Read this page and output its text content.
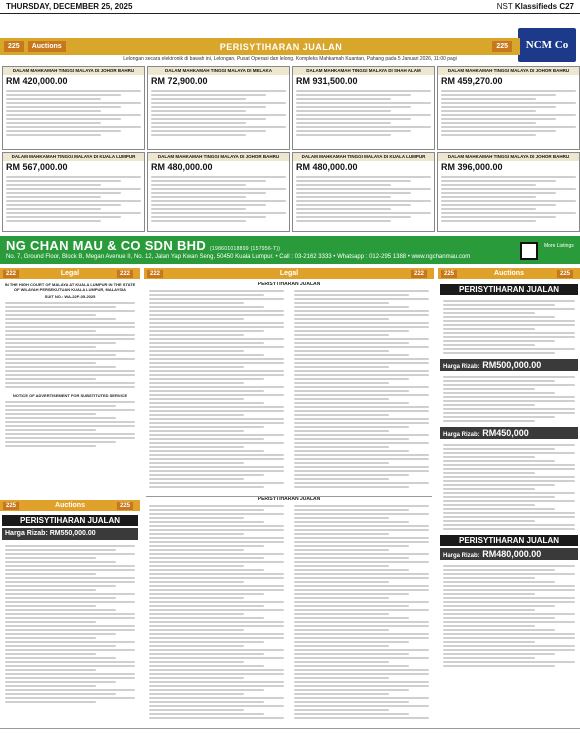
THURSDAY, DECEMBER 25, 2025	NST Klassifieds C27
NCM Co
225	Auctions	PERISYTIHARAN JUALAN	225
Lelongan secara elektronik di bawah ini, Lelongan, Pusat Operasi dan lelong. Kompleks Mahkamah Kuantan, Pahang pada 5 Januari 2026, 11:00 pagi
DALAM MAHKAMAH TINGGI MALAYA DI JOHOR BAHRU
RM 420,000.00
DALAM MAHKAMAH TINGGI MALAYA DI MELAKA
RM 72,900.00
DALAM MAHKAMAH TINGGI MALAYA DI SHAH ALAM
RM 931,500.00
DALAM MAHKAMAH TINGGI MALAYA DI JOHOR BAHRU
RM 459,270.00
DALAM MAHKAMAH TINGGI MALAYA DI KUALA LUMPUR
RM 567,000.00
DALAM MAHKAMAH TINGGI MALAYA DI JOHOR BAHRU
RM 480,000.00
DALAM MAHKAMAH TINGGI MALAYA DI KUALA LUMPUR
RM 480,000.00
DALAM MAHKAMAH TINGGI MALAYA DI JOHOR BAHRU
RM 396,000.00
NG CHAN MAU & CO SDN BHD (198601018899 (157956-T))
No. 7, Ground Floor, Block B, Megan Avenue II, No. 12, Jalan Yap Kwan Seng, 50450 Kuala Lumpur. • Call : 03-2162 3333 • Whatsapp : 012-295 1388 • www.ngchanmau.com
More Listings
222	Legal	222	222	Legal	222	225	Auctions	225
IN THE HIGH COURT OF MALAYA AT KUALA LUMPUR IN THE STATE OF WILAYAH PERSEKUTUAN KUALA LUMPUR, MALAYSIA
SUIT NO.: WA-22P-05-2025
NOTICE OF ADVERTISEMENT FOR SUBSTITUTED SERVICE
225	Auctions	225
PERISYTIHARAN JUALAN
Harga Rizab: RM550,000.00
PERISYTIHARAN JUALAN
PERISYTIHARAN JUALAN
PERISYTIHARAN JUALAN
Harga Rizab: RM500,000.00
Harga Rizab: RM450,000
PERISYTIHARAN JUALAN
Harga Rizab: RM480,000.00
